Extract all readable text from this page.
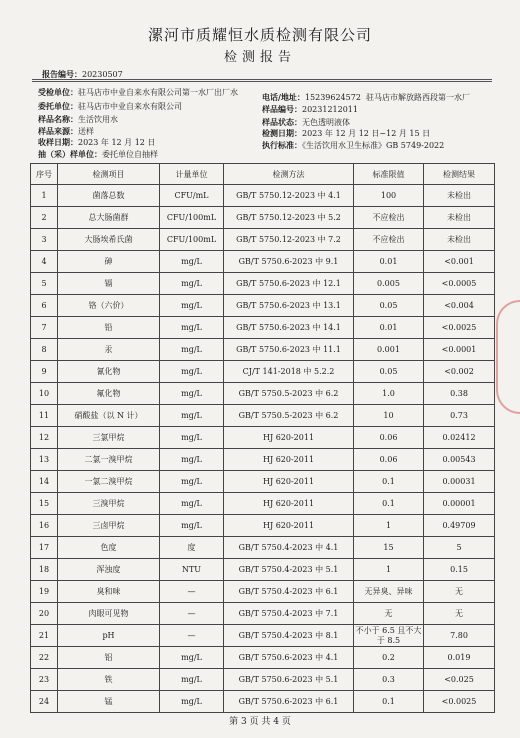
漯河市质耀恒水质检测有限公司
检测报告
报告编号：20230507
受检单位：驻马店市中业自来水有限公司第一水厂出厂水	电话/地址：15239624572 驻马店市解放路西段第一水厂
委托单位：驻马店市中业自来水有限公司	样品编号：20231212011
样品名称：生活饮用水	样品状态：无色透明液体
样品来源：送样	检测日期：2023 年 12 月 12 日~12 月 15 日
收样日期：2023 年 12 月 12 日	执行标准：《生活饮用水卫生标准》GB 5749-2022
抽（采）样单位：委托单位自抽样
序号	检测项目	计量单位	检测方法	标准限值	检测结果
1	菌落总数	CFU/mL	GB/T 5750.12-2023 中 4.1	100	未检出
2	总大肠菌群	CFU/100mL	GB/T 5750.12-2023 中 5.2	不应检出	未检出
3	大肠埃希氏菌	CFU/100mL	GB/T 5750.12-2023 中 7.2	不应检出	未检出
4	砷	mg/L	GB/T 5750.6-2023 中 9.1	0.01	<0.001
5	镉	mg/L	GB/T 5750.6-2023 中 12.1	0.005	<0.0005
6	铬（六价）	mg/L	GB/T 5750.6-2023 中 13.1	0.05	<0.004
7	铅	mg/L	GB/T 5750.6-2023 中 14.1	0.01	<0.0025
8	汞	mg/L	GB/T 5750.6-2023 中 11.1	0.001	<0.0001
9	氰化物	mg/L	CJ/T 141-2018 中 5.2.2	0.05	<0.002
10	氟化物	mg/L	GB/T 5750.5-2023 中 6.2	1.0	0.38
11	硝酸盐（以 N 计）	mg/L	GB/T 5750.5-2023 中 6.2	10	0.73
12	三氯甲烷	mg/L	HJ 620-2011	0.06	0.02412
13	二氯一溴甲烷	mg/L	HJ 620-2011	0.06	0.00543
14	一氯二溴甲烷	mg/L	HJ 620-2011	0.1	0.00031
15	三溴甲烷	mg/L	HJ 620-2011	0.1	0.00001
16	三卤甲烷	mg/L	HJ 620-2011	1	0.49709
17	色度	度	GB/T 5750.4-2023 中 4.1	15	5
18	浑浊度	NTU	GB/T 5750.4-2023 中 5.1	1	0.15
19	臭和味	—	GB/T 5750.4-2023 中 6.1	无异臭、异味	无
20	肉眼可见物	—	GB/T 5750.4-2023 中 7.1	无	无
21	pH	—	GB/T 5750.4-2023 中 8.1	不小于 6.5 且不大于 8.5	7.80
22	铝	mg/L	GB/T 5750.6-2023 中 4.1	0.2	0.019
23	铁	mg/L	GB/T 5750.6-2023 中 5.1	0.3	<0.025
24	锰	mg/L	GB/T 5750.6-2023 中 6.1	0.1	<0.0025
第 3 页 共 4 页
